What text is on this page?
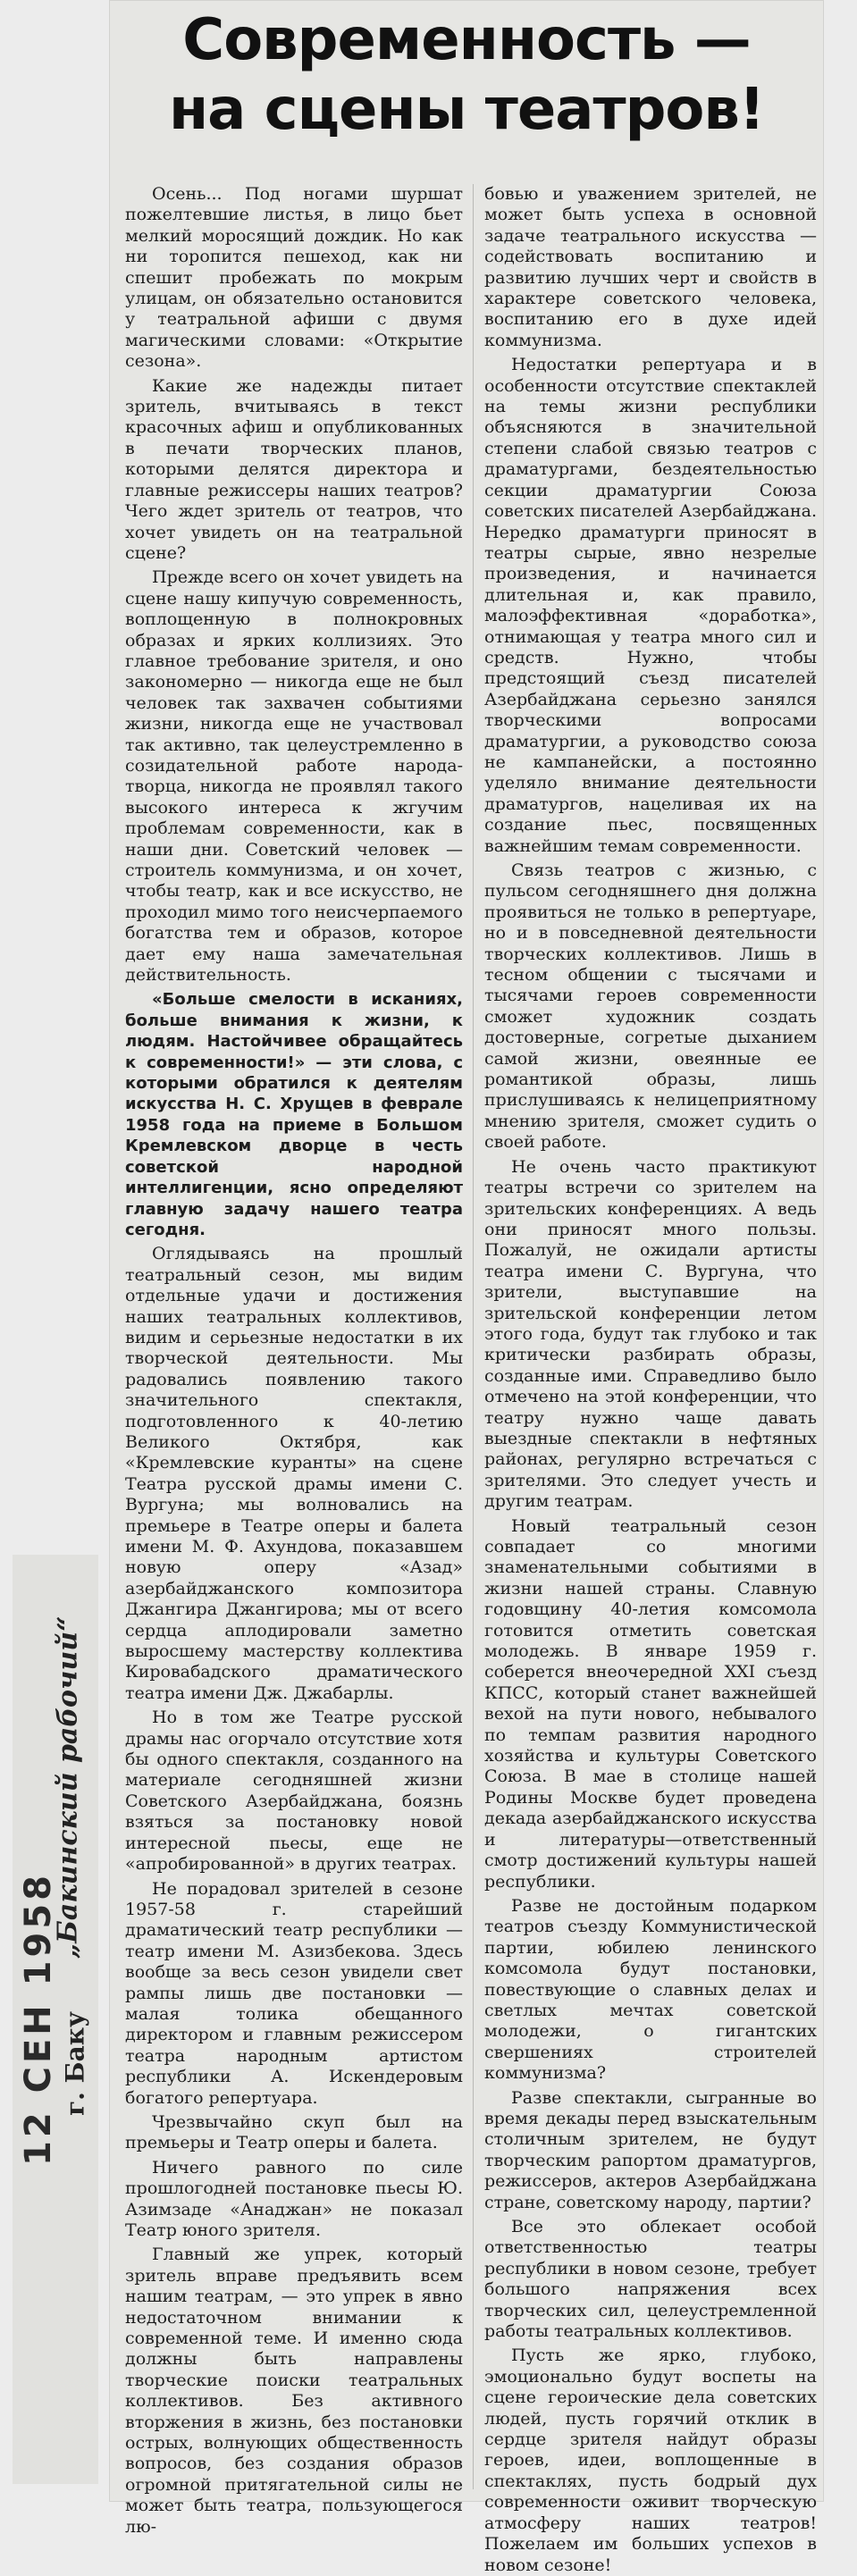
12 СЕН 1958
„Бакинский рабочий“
г. Баку
Современность —
на сцены театров!

Осень... Под ногами шуршат пожелтевшие листья, в лицо бьет мелкий моросящий дождик. Но как ни торопится пешеход, как ни спешит пробежать по мокрым улицам, он обязательно остановится у театральной афиши с двумя магическими словами: «Открытие сезона».

Какие же надежды питает зритель, вчитываясь в текст красочных афиш и опубликованных в печати творческих планов, которыми делятся директора и главные режиссеры наших театров? Чего ждет зритель от театров, что хочет увидеть он на театральной сцене?

Прежде всего он хочет увидеть на сцене нашу кипучую современность, воплощенную в полнокровных образах и ярких коллизиях. Это главное требование зрителя, и оно закономерно — никогда еще не был человек так захвачен событиями жизни, никогда еще не участвовал так активно, так целеустремленно в созидательной работе народа-творца, никогда не проявлял такого высокого интереса к жгучим проблемам современности, как в наши дни. Советский человек — строитель коммунизма, и он хочет, чтобы театр, как и все искусство, не проходил мимо того неисчерпаемого богатства тем и образов, которое дает ему наша замечательная действительность.

«Больше смелости в исканиях, больше внимания к жизни, к людям. Настойчивее обращайтесь к современности!» — эти слова, с которыми обратился к деятелям искусства Н. С. Хрущев в феврале 1958 года на приеме в Большом Кремлевском дворце в честь советской народной интеллигенции, ясно определяют главную задачу нашего театра сегодня.

Оглядываясь на прошлый театральный сезон, мы видим отдельные удачи и достижения наших театральных коллективов, видим и серьезные недостатки в их творческой деятельности. Мы радовались появлению такого значительного спектакля, подготовленного к 40-летию Великого Октября, как «Кремлевские куранты» на сцене Театра русской драмы имени С. Вургуна; мы волновались на премьере в Театре оперы и балета имени М. Ф. Ахундова, показавшем новую оперу «Азад» азербайджанского композитора Джангира Джангирова; мы от всего сердца аплодировали заметно выросшему мастерству коллектива Кировабадского драматического театра имени Дж. Джабарлы.

Но в том же Театре русской драмы нас огорчало отсутствие хотя бы одного спектакля, созданного на материале сегодняшней жизни Советского Азербайджана, боязнь взяться за постановку новой интересной пьесы, еще не «апробированной» в других театрах.

Не порадовал зрителей в сезоне 1957-58 г. старейший драматический театр республики — театр имени М. Азизбекова. Здесь вообще за весь сезон увидели свет рампы лишь две постановки — малая толика обещанного директором и главным режиссером театра народным артистом республики А. Искендеровым богатого репертуара.

Чрезвычайно скуп был на премьеры и Театр оперы и балета.

Ничего равного по силе прошлогодней постановке пьесы Ю. Азимзаде «Анаджан» не показал Театр юного зрителя.

Главный же упрек, который зритель вправе предъявить всем нашим театрам, — это упрек в явно недостаточном внимании к современной теме. И именно сюда должны быть направлены творческие поиски театральных коллективов. Без активного вторжения в жизнь, без постановки острых, волнующих общественность вопросов, без создания образов огромной притягательной силы не может быть театра, пользующегося лю-

бовью и уважением зрителей, не может быть успеха в основной задаче театрального искусства — содействовать воспитанию и развитию лучших черт и свойств в характере советского человека, воспитанию его в духе идей коммунизма.

Недостатки репертуара и в особенности отсутствие спектаклей на темы жизни республики объясняются в значительной степени слабой связью театров с драматургами, бездеятельностью секции драматургии Союза советских писателей Азербайджана. Нередко драматурги приносят в театры сырые, явно незрелые произведения, и начинается длительная и, как правило, малоэффективная «доработка», отнимающая у театра много сил и средств. Нужно, чтобы предстоящий съезд писателей Азербайджана серьезно занялся творческими вопросами драматургии, а руководство союза не кампанейски, а постоянно уделяло внимание деятельности драматургов, нацеливая их на создание пьес, посвященных важнейшим темам современности.

Связь театров с жизнью, с пульсом сегодняшнего дня должна проявиться не только в репертуаре, но и в повседневной деятельности творческих коллективов. Лишь в тесном общении с тысячами и тысячами героев современности сможет художник создать достоверные, согретые дыханием самой жизни, овеянные ее романтикой образы, лишь прислушиваясь к нелицеприятному мнению зрителя, сможет судить о своей работе.

Не очень часто практикуют театры встречи со зрителем на зрительских конференциях. А ведь они приносят много пользы. Пожалуй, не ожидали артисты театра имени С. Вургуна, что зрители, выступавшие на зрительской конференции летом этого года, будут так глубоко и так критически разбирать образы, созданные ими. Справедливо было отмечено на этой конференции, что театру нужно чаще давать выездные спектакли в нефтяных районах, регулярно встречаться с зрителями. Это следует учесть и другим театрам.

Новый театральный сезон совпадает со многими знаменательными событиями в жизни нашей страны. Славную годовщину 40-летия комсомола готовится отметить советская молодежь. В январе 1959 г. соберется внеочередной XXI съезд КПСС, который станет важнейшей вехой на пути нового, небывалого по темпам развития народного хозяйства и культуры Советского Союза. В мае в столице нашей Родины Москве будет проведена декада азербайджанского искусства и литературы—ответственный смотр достижений культуры нашей республики.

Разве не достойным подарком театров съезду Коммунистической партии, юбилею ленинского комсомола будут постановки, повествующие о славных делах и светлых мечтах советской молодежи, о гигантских свершениях строителей коммунизма?

Разве спектакли, сыгранные во время декады перед взыскательным столичным зрителем, не будут творческим рапортом драматургов, режиссеров, актеров Азербайджана стране, советскому народу, партии?

Все это облекает особой ответственностью театры республики в новом сезоне, требует большого напряжения всех творческих сил, целеустремленной работы театральных коллективов.

Пусть же ярко, глубоко, эмоционально будут воспеты на сцене героические дела советских людей, пусть горячий отклик в сердце зрителя найдут образы героев, идеи, воплощенные в спектаклях, пусть бодрый дух современности оживит творческую атмосферу наших театров! Пожелаем им больших успехов в новом сезоне!
